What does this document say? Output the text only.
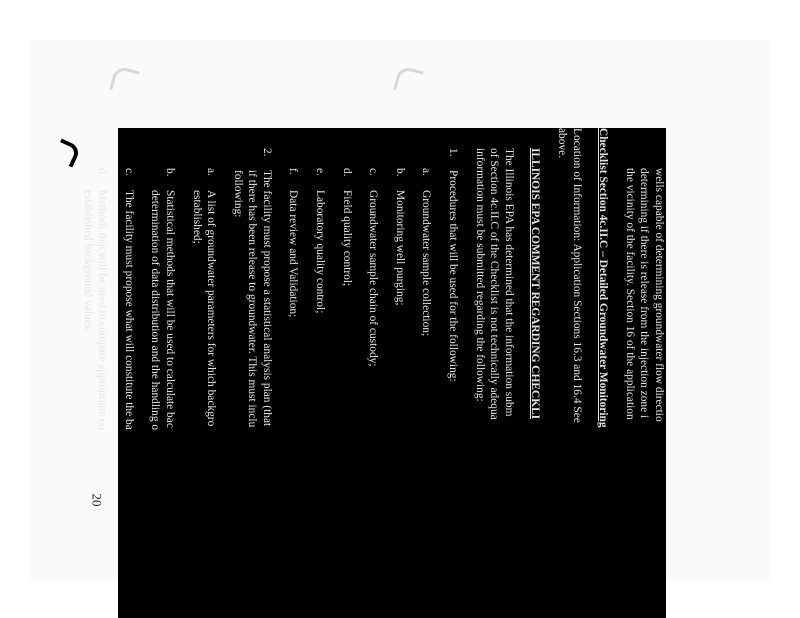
20

wells capable of determining groundwater flow directio

determining if there is release from the injection zone i

the vicinity of the facility. Section 16 of the application

Checklist Section 4c.II.C – Detailed Groundwater Monitoring

Location of Information: Application Sections 16.3 and 16.4 See

above.

ILLINOIS EPA COMMENT REGARDING CHECKLI

The Illinois EPA has determined that the information subm

of Section 4c.II.C of the Checklist is not technically adequa

information must be submitted regarding the following:

1.Procedures that will be used for the following:

a.Groundwater sample collection;

b.Monitoring well purging;

c.Groundwater sample chain of custody;

d.Field quality control;

e.Laboratory quality control;

f.Data review and Validation;

2.The facility must propose a statistical analysis plan (that

if there has been release to groundwater. This must inclu

following:

a.A list of groundwater parameters for which backgro

established;

b.Statistical methods that will be used to calculate bac

determination of data distribution and the handling o

c.The facility must propose what will constitute the ba

d.Methods that will be used to compare appropriate co

established background values;
